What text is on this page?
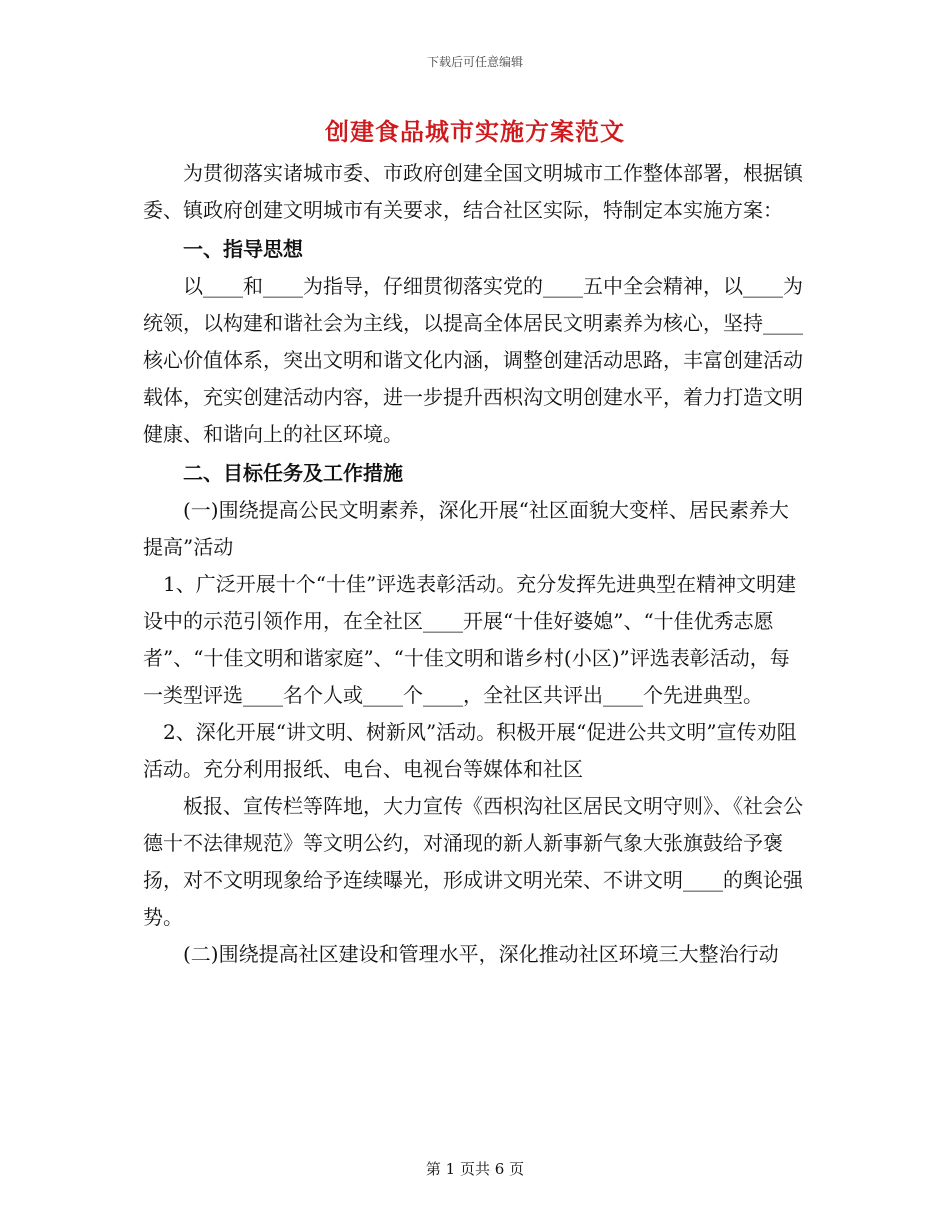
下载后可任意编辑
创建食品城市实施方案范文

为贯彻落实诸城市委、市政府创建全国文明城市工作整体部署，根据镇委、镇政府创建文明城市有关要求，结合社区实际，特制定本实施方案：

一、指导思想

以____和____为指导，仔细贯彻落实党的____五中全会精神，以____为统领，以构建和谐社会为主线，以提高全体居民文明素养为核心，坚持____核心价值体系，突出文明和谐文化内涵，调整创建活动思路，丰富创建活动载体，充实创建活动内容，进一步提升西枳沟文明创建水平，着力打造文明健康、和谐向上的社区环境。

二、目标任务及工作措施

(一)围绕提高公民文明素养，深化开展“社区面貌大变样、居民素养大提高”活动

1、广泛开展十个“十佳”评选表彰活动。充分发挥先进典型在精神文明建设中的示范引领作用，在全社区____开展“十佳好婆媳”、“十佳优秀志愿者”、“十佳文明和谐家庭”、“十佳文明和谐乡村(小区)”评选表彰活动，每一类型评选____名个人或____个____，全社区共评出____个先进典型。

2、深化开展“讲文明、树新风”活动。积极开展“促进公共文明”宣传劝阻活动。充分利用报纸、电台、电视台等媒体和社区

板报、宣传栏等阵地，大力宣传《西枳沟社区居民文明守则》、《社会公德十不法律规范》等文明公约，对涌现的新人新事新气象大张旗鼓给予褒扬，对不文明现象给予连续曝光，形成讲文明光荣、不讲文明____的舆论强势。

(二)围绕提高社区建设和管理水平，深化推动社区环境三大整治行动

第 1 页共 6 页
